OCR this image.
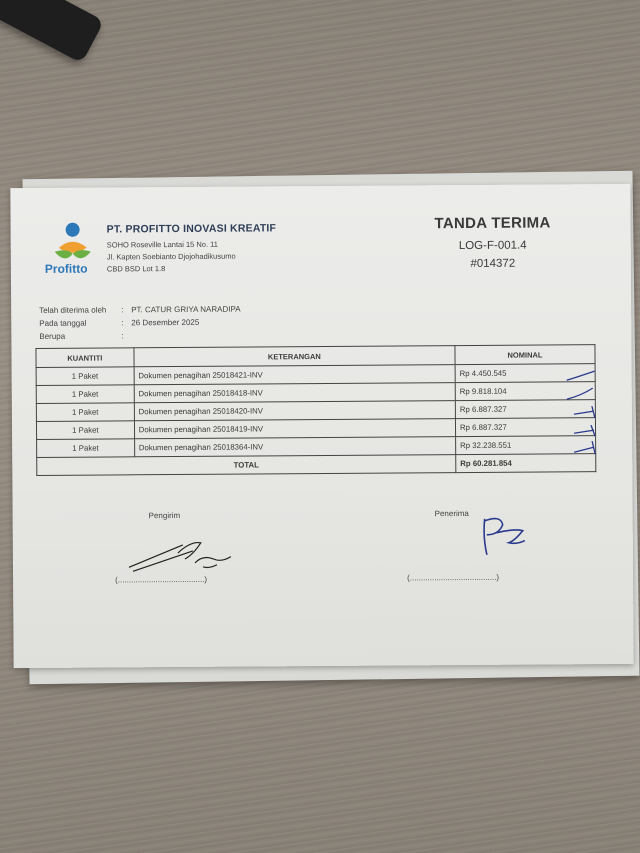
Profitto
PT. PROFITTO INOVASI KREATIF
SOHO Roseville Lantai 15 No. 11
Jl. Kapten Soebianto Djojohadikusumo
CBD BSD Lot 1.8
TANDA TERIMA
LOG-F-001.4
#014372
Telah diterima oleh	: PT. CATUR GRIYA NARADIPA
Pada tanggal	: 26 Desember 2025
Berupa	:
KUANTITI	KETERANGAN	NOMINAL
1 Paket	Dokumen penagihan 25018421-INV	Rp 4.450.545
1 Paket	Dokumen penagihan 25018418-INV	Rp 9.818.104
1 Paket	Dokumen penagihan 25018420-INV	Rp 6.887.327
1 Paket	Dokumen penagihan 25018419-INV	Rp 6.887.327
1 Paket	Dokumen penagihan 25018364-INV	Rp 32.238.551
TOTAL		Rp 60.281.854
Pengirim	Penerima
(.......................................)	(.......................................)
